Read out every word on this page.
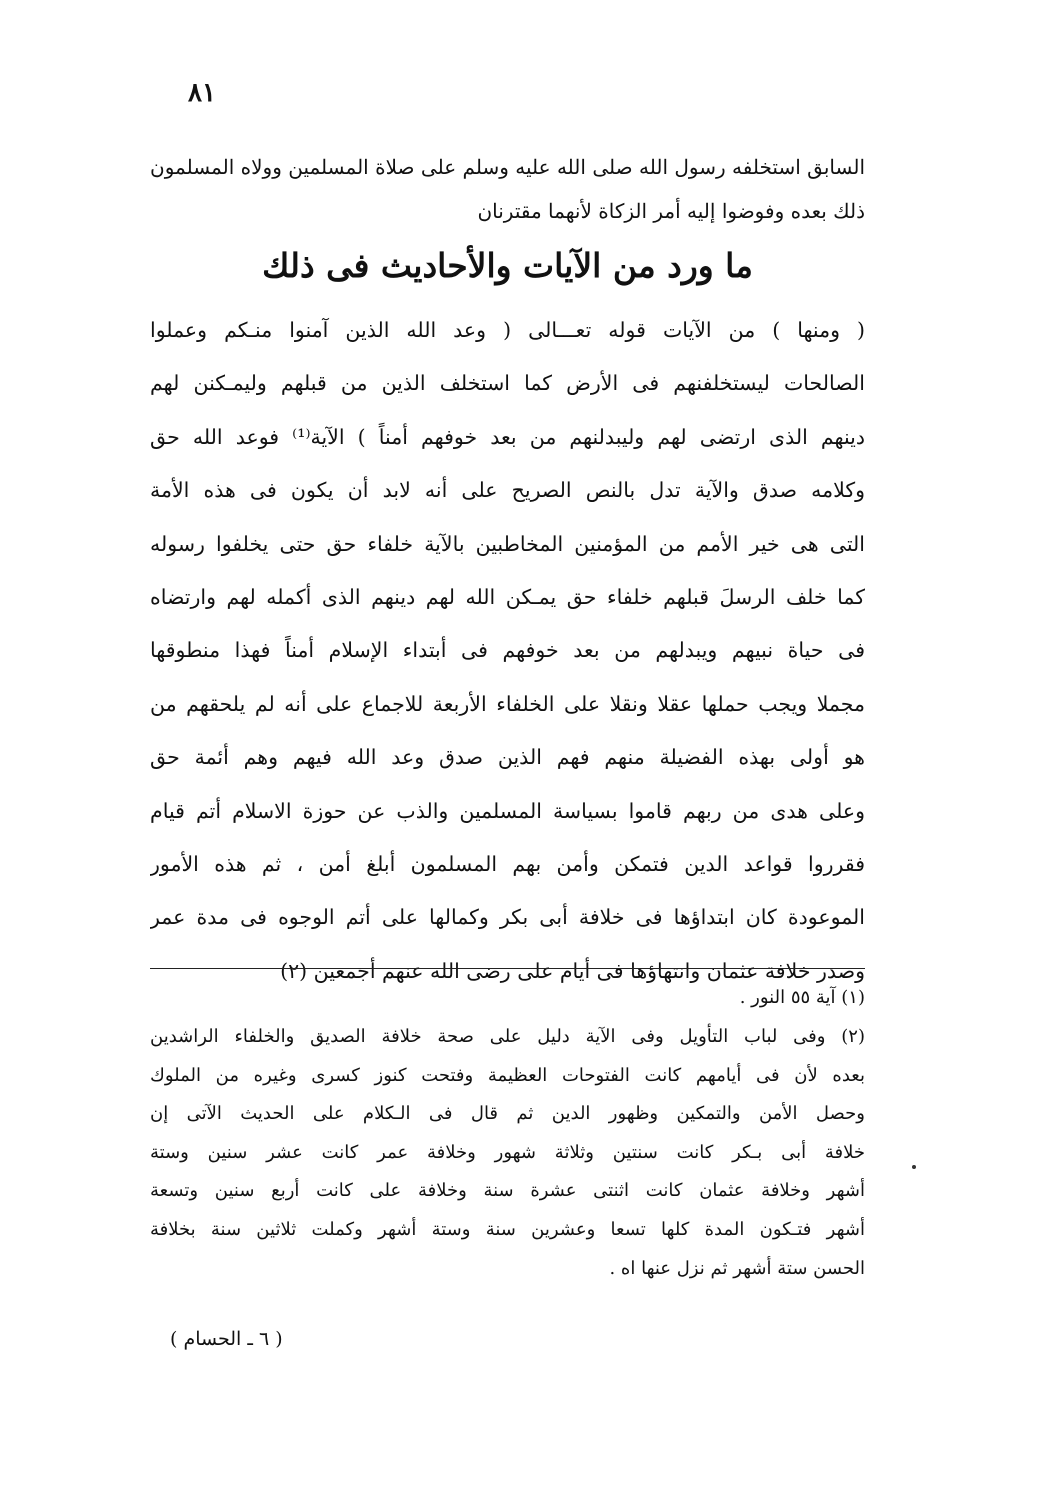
٨١
السابق استخلفه رسول الله صلى الله عليه وسلم على صلاة المسلمين وولاه المسلمون
ذلك بعده وفوضوا إليه أمر الزكاة لأنهما مقترنان
ما ورد من الآيات والأحاديث فى ذلك
( ومنها ) من الآيات قوله تعـــالى ( وعد الله الذين آمنوا منـكم وعملوا
الصالحات ليستخلفنهم فى الأرض كما استخلف الذين من قبلهم وليمـكنن لهم
دينهم الذى ارتضى لهم وليبدلنهم من بعد خوفهم أمناً ) الآية⁽¹⁾ فوعد الله حق
وكلامه صدق والآية تدل بالنص الصريح على أنه لابد أن يكون فى هذه الأمة
التى هى خير الأمم من المؤمنين المخاطبين بالآية خلفاء حق حتى يخلفوا رسوله
كما خلف الرسلَ قبلهم خلفاء حق يمـكن الله لهم دينهم الذى أكمله لهم وارتضاه
فى حياة نبيهم ويبدلهم من بعد خوفهم فى أبتداء الإسلام أمناً فهذا منطوقها
مجملا ويجب حملها عقلا ونقلا على الخلفاء الأربعة للاجماع على أنه لم يلحقهم من
هو أولى بهذه الفضيلة منهم فهم الذين صدق وعد الله فيهم وهم أئمة حق
وعلى هدى من ربهم قاموا بسياسة المسلمين والذب عن حوزة الاسلام أتم قيام
فقرروا قواعد الدين فتمكن وأمن بهم المسلمون أبلغ أمن ، ثم هذه الأمور
الموعودة كان ابتداؤها فى خلافة أبى بكر وكمالها على أتم الوجوه فى مدة عمر
وصدر خلافة عثمان وانتهاؤها فى أيام على رضى الله عنهم أجمعين (٢)
(١) آية ٥٥ النور .
(٢) وفى لباب التأويل وفى الآية دليل على صحة خلافة الصديق والخلفاء الراشدين
بعده لأن فى أيامهم كانت الفتوحات العظيمة وفتحت كنوز كسرى وغيره من الملوك
وحصل الأمن والتمكين وظهور الدين ثم قال فى الـكلام على الحديث الآتى إن
خلافة أبى بـكر كانت سنتين وثلاثة شهور وخلافة عمر كانت عشر سنين وستة
أشهر وخلافة عثمان كانت اثنتى عشرة سنة وخلافة على كانت أربع سنين وتسعة
أشهر فتـكون المدة كلها تسعا وعشرين سنة وستة أشهر وكملت ثلاثين سنة بخلافة
الحسن ستة أشهر ثم نزل عنها اه .
( ٦ ـ الحسام )
